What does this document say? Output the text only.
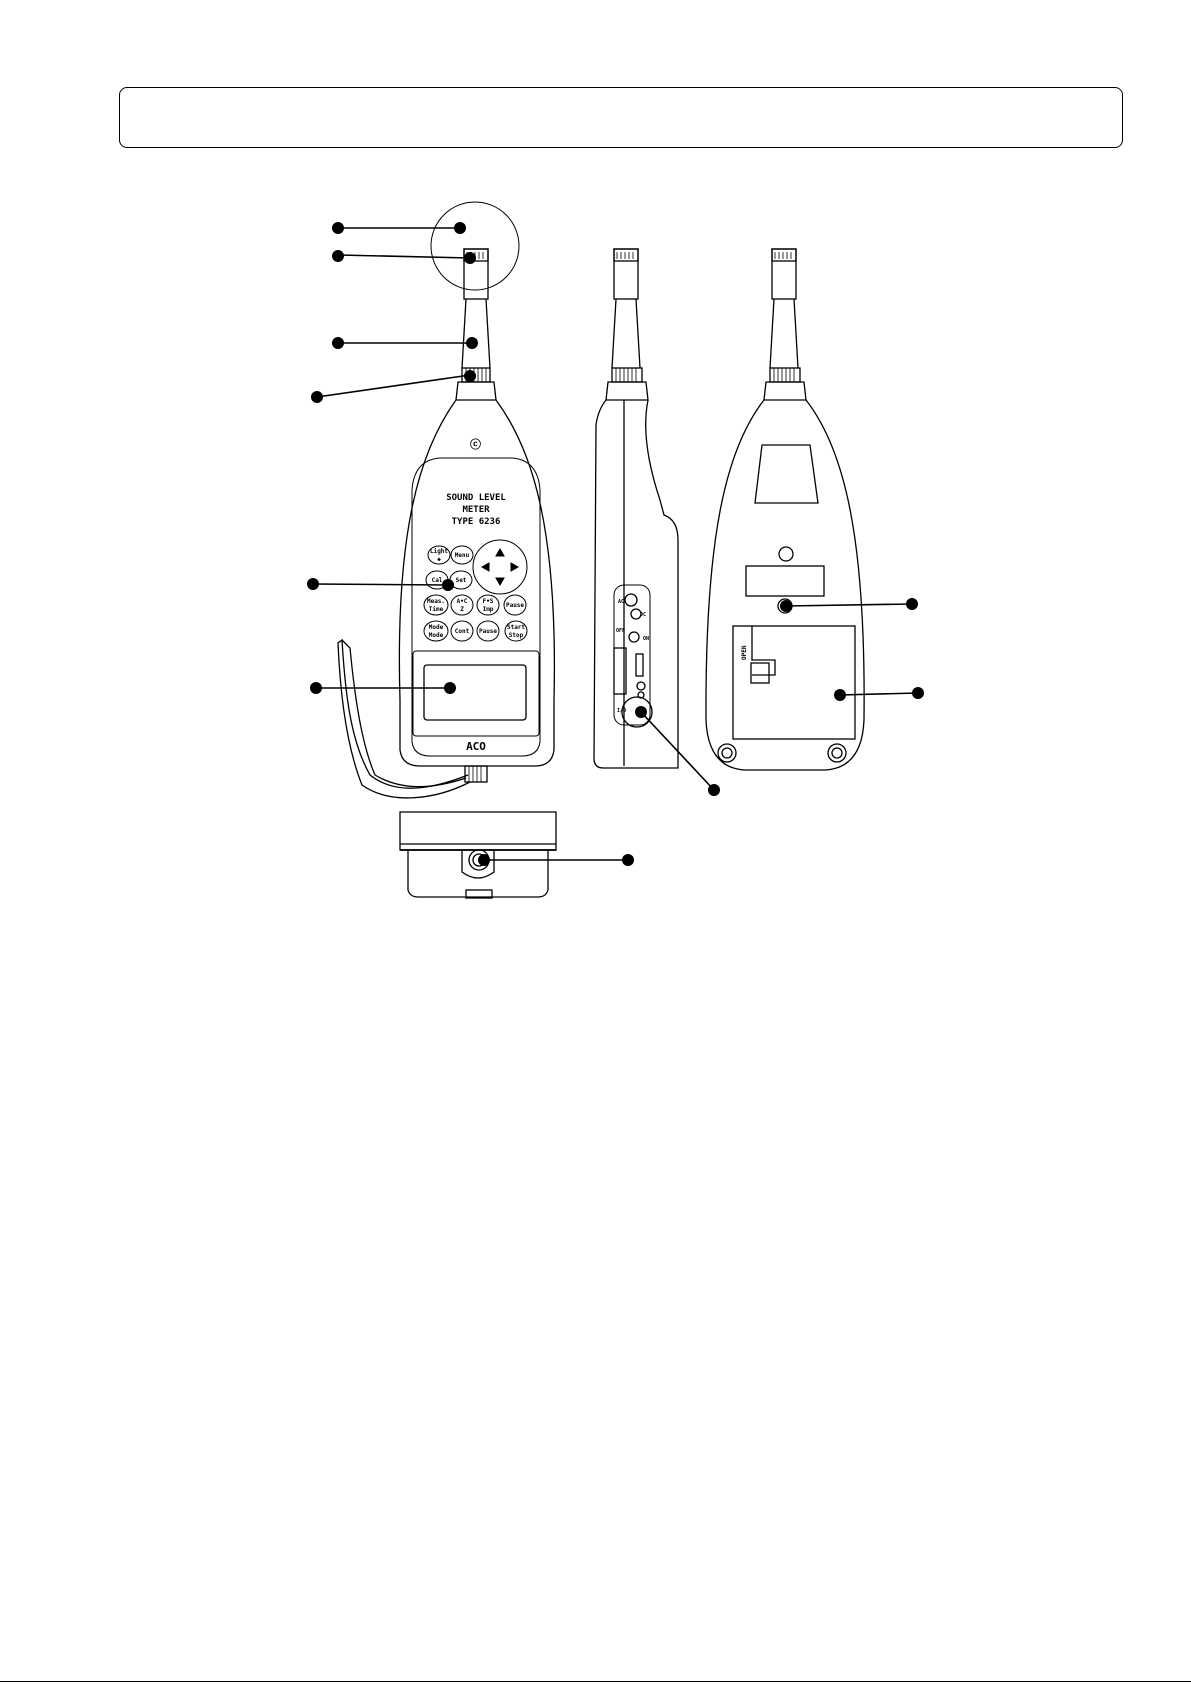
ⓒ
SOUND LEVEL
METER
TYPE 6236
Light
◆
Menu
Cal Set
Meas.
Time
A•C
Z
F•S
Imp
Pause
Mode
Mode
Cont Pause
Start
Stop
ACO
AC
DC
OFF
ON
I/O
OPEN
